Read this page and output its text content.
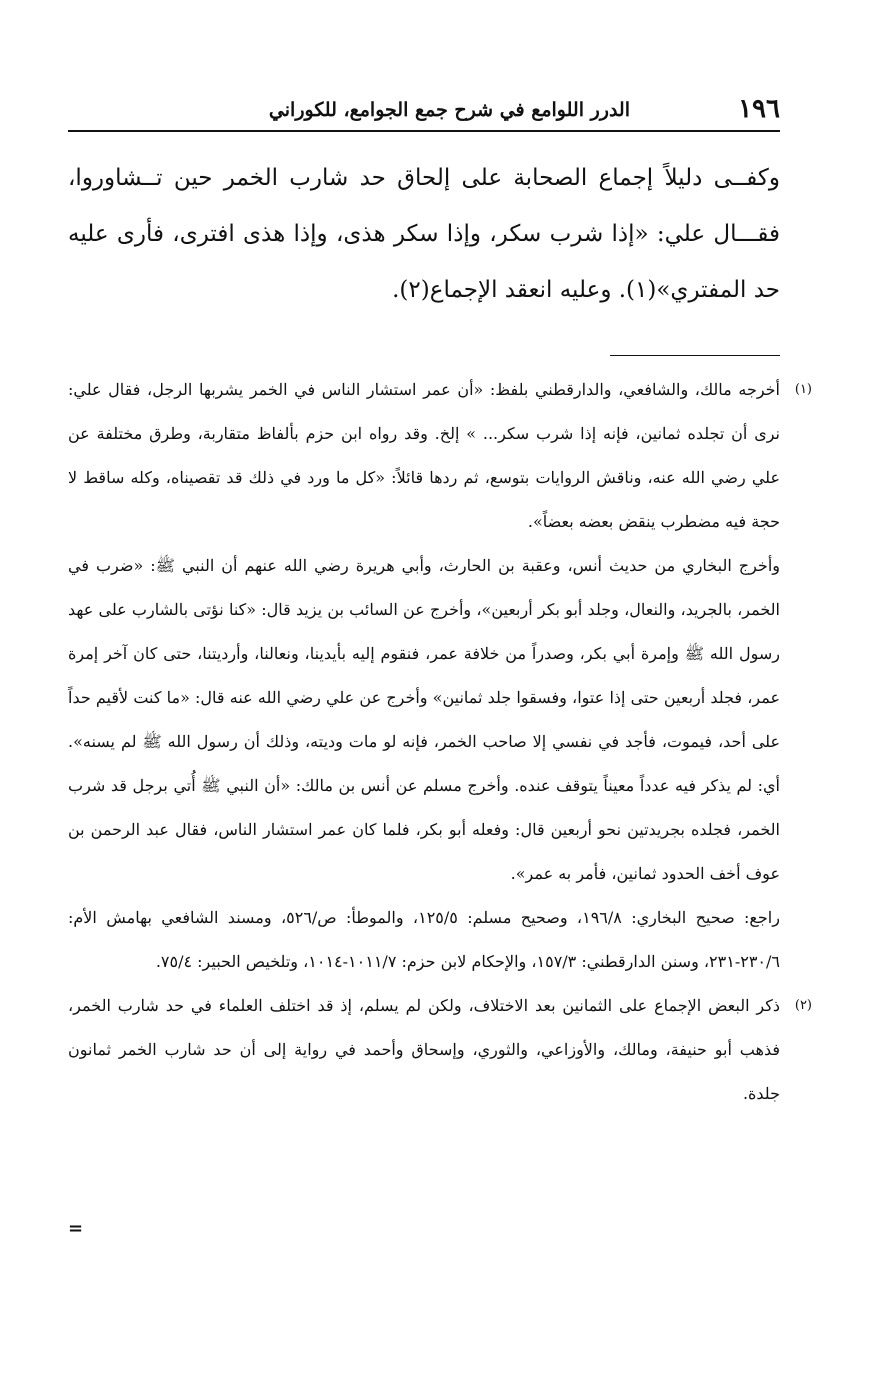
١٩٦
الدرر اللوامع في شرح جمع الجوامع، للكوراني

وكفــى دليلاً إجماع الصحابة على إلحاق حد شارب الخمر حين تــشاوروا، فقـــال علي: «إذا شرب سكر، وإذا سكر هذى، وإذا هذى افترى، فأرى عليه حد المفتري»(١). وعليه انعقد الإجماع(٢).

(١)

أخرجه مالك، والشافعي، والدارقطني بلفظ: «أن عمر استشار الناس في الخمر يشربها الرجل، فقال علي: نرى أن تجلده ثمانين، فإنه إذا شرب سكر... » إلخ. وقد رواه ابن حزم بألفاظ متقاربة، وطرق مختلفة عن علي رضي الله عنه، وناقش الروايات بتوسع، ثم ردها قائلاً: «كل ما ورد في ذلك قد تقصيناه، وكله ساقط لا حجة فيه مضطرب ينقض بعضه بعضاً».

وأخرج البخاري من حديث أنس، وعقبة بن الحارث، وأبي هريرة رضي الله عنهم أن النبي ﷺ: «ضرب في الخمر، بالجريد، والنعال، وجلد أبو بكر أربعين»، وأخرج عن السائب بن يزيد قال: «كنا نؤتى بالشارب على عهد رسول الله ﷺ وإمرة أبي بكر، وصدراً من خلافة عمر، فنقوم إليه بأيدينا، ونعالنا، وأرديتنا، حتى كان آخر إمرة عمر، فجلد أربعين حتى إذا عتوا، وفسقوا جلد ثمانين» وأخرج عن علي رضي الله عنه قال: «ما كنت لأقيم حداً على أحد، فيموت، فأجد في نفسي إلا صاحب الخمر، فإنه لو مات وديته، وذلك أن رسول الله ﷺ لم يسنه». أي: لم يذكر فيه عدداً معيناً يتوقف عنده. وأخرج مسلم عن أنس بن مالك: «أن النبي ﷺ أُتي برجل قد شرب الخمر، فجلده بجريدتين نحو أربعين قال: وفعله أبو بكر، فلما كان عمر استشار الناس، فقال عبد الرحمن بن عوف أخف الحدود ثمانين، فأمر به عمر».

راجع: صحيح البخاري: ١٩٦/٨، وصحيح مسلم: ١٢٥/٥، والموطأ: ص/٥٢٦، ومسند الشافعي بهامش الأم: ٢٣٠/٦-٢٣١، وسنن الدارقطني: ١٥٧/٣، والإحكام لابن حزم: ١٠١١/٧-١٠١٤، وتلخيص الحبير: ٧٥/٤.

(٢)

ذكر البعض الإجماع على الثمانين بعد الاختلاف، ولكن لم يسلم، إذ قد اختلف العلماء في حد شارب الخمر، فذهب أبو حنيفة، ومالك، والأوزاعي، والثوري، وإسحاق وأحمد في رواية إلى أن حد شارب الخمر ثمانون جلدة.

=
